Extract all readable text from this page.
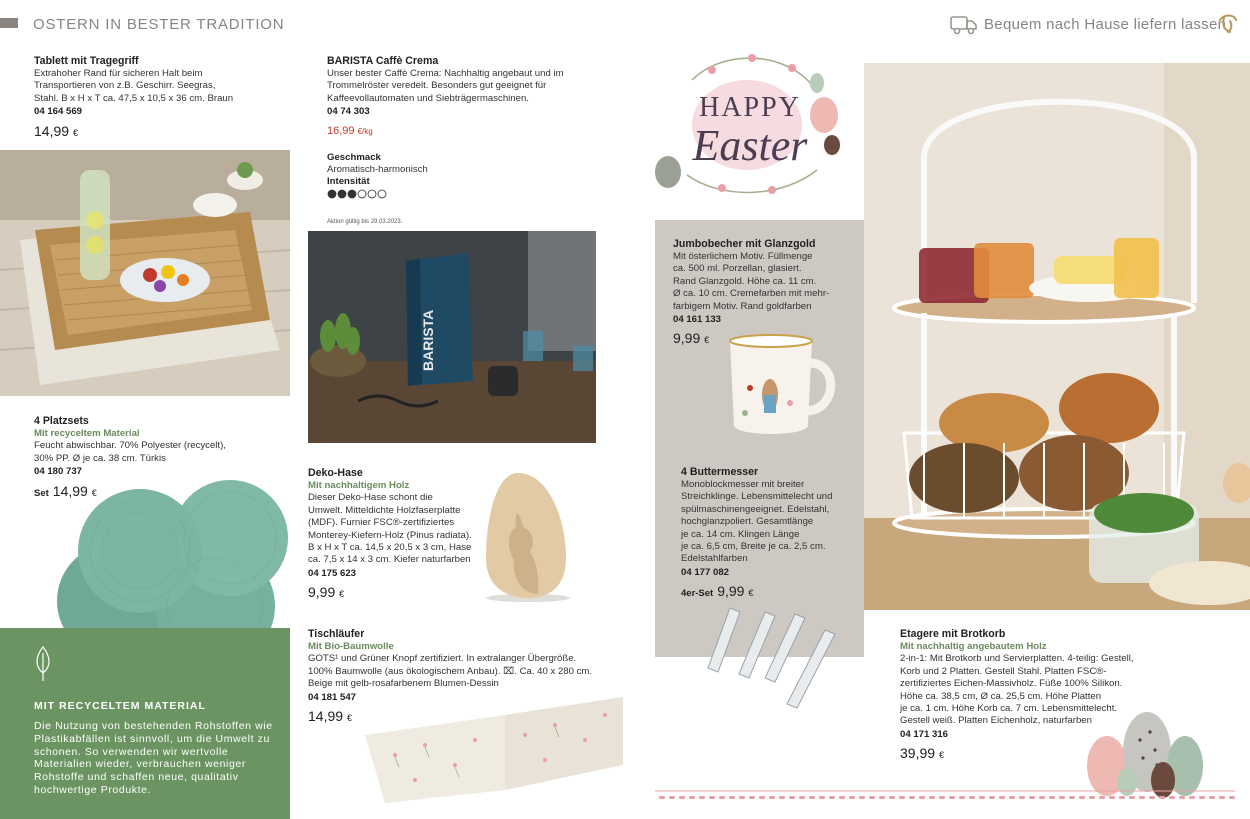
OSTERN IN BESTER TRADITION	Bequem nach Hause liefern lassen
Tablett mit Tragegriff

Extrahoher Rand für sicheren Halt beim
Transportieren von z.B. Geschirr. Seegras,
Stahl. B x H x T ca. 47,5 x 10,5 x 36 cm. Braun

04 164 569
14,99 €
BARISTA Caffè Crema

Unser bester Caffè Crema: Nachhaltig angebaut und im
Trommelröster veredelt. Besonders gut geeignet für
Kaffeevollautomaten und Siebträgermaschinen.

04 74 303
16,99 €/kg
Geschmack
Aromatisch-harmonisch
Intensität
Aktion gültig bis 29.03.2023.
BARISTA
4 Platzsets
Mit recyceltem Material

Feucht abwischbar. 70% Polyester (recycelt),
30% PP. Ø je ca. 38 cm. Türkis

04 180 737
Set 14,99 €
MIT RECYCELTEM MATERIAL
Die Nutzung von bestehenden Rohstoffen wie Plastikabfällen ist sinnvoll, um die Umwelt zu schonen. So verwenden wir wertvolle Materialien wieder, verbrauchen weniger Rohstoffe und schaffen neue, qualitativ hochwertige Produkte.
Deko-Hase
Mit nachhaltigem Holz

Dieser Deko-Hase schont die
Umwelt. Mitteldichte Holzfaserplatte
(MDF). Furnier FSC®-zertifiziertes
Monterey-Kiefern-Holz (Pinus radiata).
B x H x T ca. 14,5 x 20,5 x 3 cm, Hase
ca. 7,5 x 14 x 3 cm. Kiefer naturfarben

04 175 623
9,99 €
Tischläufer
Mit Bio-Baumwolle

GOTS¹ und Grüner Knopf zertifiziert. In extralanger Übergröße.
100% Baumwolle (aus ökologischem Anbau). ⌧. Ca. 40 x 280 cm.
Beige mit gelb-rosafarbenem Blumen-Dessin

04 181 547
14,99 €
HAPPY
Easter
Jumbobecher mit Glanzgold

Mit österlichem Motiv. Füllmenge
ca. 500 ml. Porzellan, glasiert.
Rand Glanzgold. Höhe ca. 11 cm.
Ø ca. 10 cm. Cremefarben mit mehr-
farbigem Motiv. Rand goldfarben

04 161 133
9,99 €
4 Buttermesser

Monoblockmesser mit breiter
Streichklinge. Lebensmittelecht und
spülmaschinengeeignet. Edelstahl,
hochglanzpoliert. Gesamtlänge
je ca. 14 cm. Klingen Länge
je ca. 6,5 cm, Breite je ca. 2,5 cm.
Edelstahlfarben

04 177 082
4er-Set 9,99 €
Etagere mit Brotkorb
Mit nachhaltig angebautem Holz

2-in-1: Mit Brotkorb und Servierplatten. 4-teilig: Gestell,
Korb und 2 Platten. Gestell Stahl. Platten FSC®-
zertifiziertes Eichen-Massivholz. Füße 100% Silikon.
Höhe ca. 38,5 cm, Ø ca. 25,5 cm. Höhe Platten
je ca. 1 cm. Höhe Korb ca. 7 cm. Lebensmittelecht.
Gestell weiß. Platten Eichenholz, naturfarben

04 171 316
39,99 €
